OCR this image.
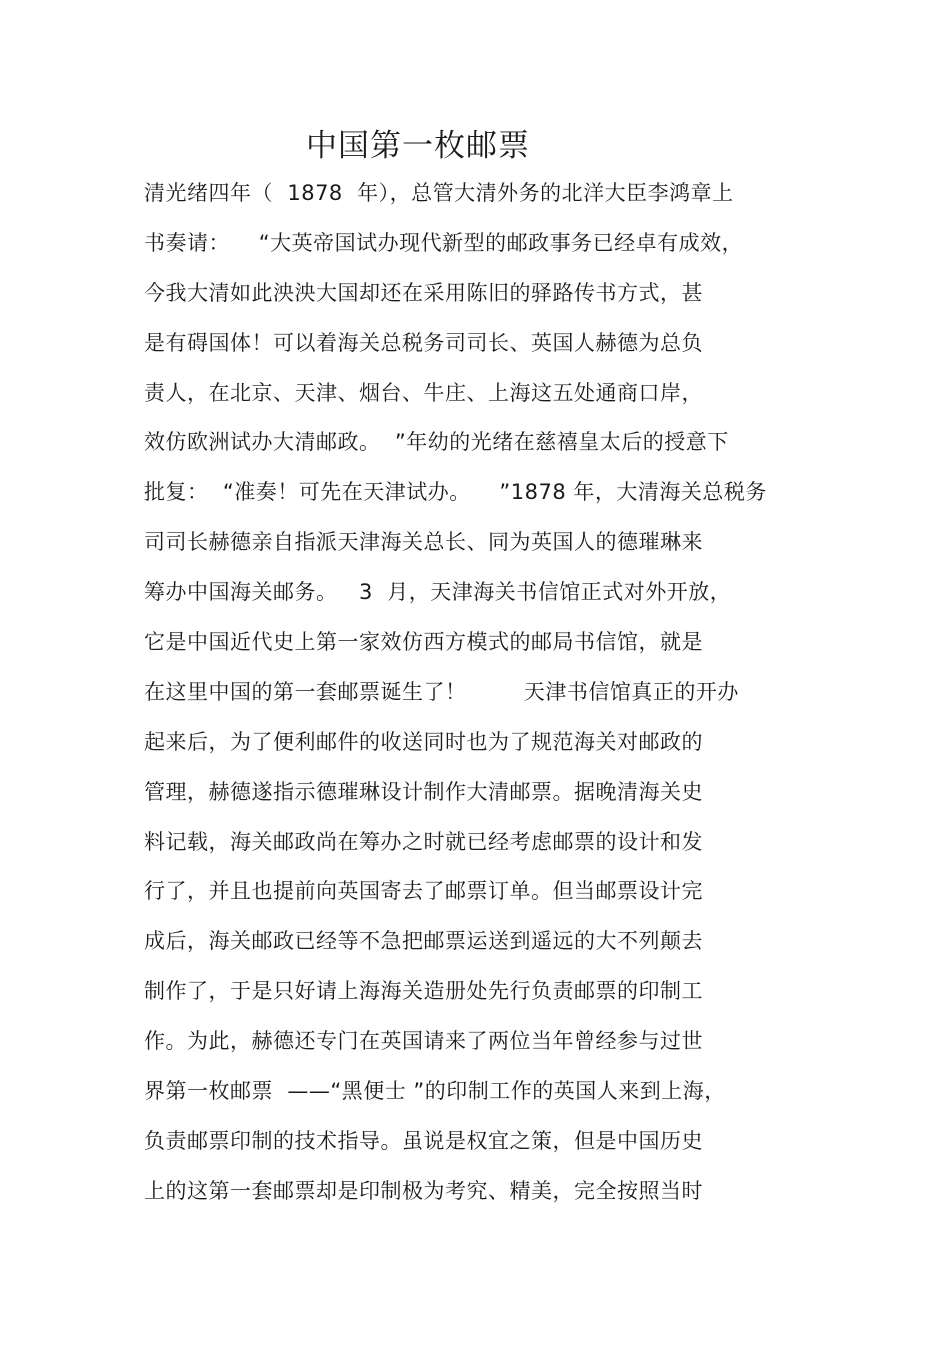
中国第一枚邮票
清光绪四年（  1878  年），总管大清外务的北洋大臣李鸿章上
书奏请：    “大英帝国试办现代新型的邮政事务已经卓有成效，
今我大清如此泱泱大国却还在采用陈旧的驿路传书方式，甚
是有碍国体！可以着海关总税务司司长、英国人赫德为总负
责人，在北京、天津、烟台、牛庄、上海这五处通商口岸，
效仿欧洲试办大清邮政。  ”年幼的光绪在慈禧皇太后的授意下
批复：  “准奏！可先在天津试办。    ”1878 年，大清海关总税务
司司长赫德亲自指派天津海关总长、同为英国人的德璀琳来
筹办中国海关邮务。   3  月，天津海关书信馆正式对外开放，
它是中国近代史上第一家效仿西方模式的邮局书信馆，就是
在这里中国的第一套邮票诞生了！        天津书信馆真正的开办
起来后，为了便利邮件的收送同时也为了规范海关对邮政的
管理，赫德遂指示德璀琳设计制作大清邮票。据晚清海关史
料记载，海关邮政尚在筹办之时就已经考虑邮票的设计和发
行了，并且也提前向英国寄去了邮票订单。但当邮票设计完
成后，海关邮政已经等不急把邮票运送到遥远的大不列颠去
制作了，于是只好请上海海关造册处先行负责邮票的印制工
作。为此，赫德还专门在英国请来了两位当年曾经参与过世
界第一枚邮票  ——“黑便士 ”的印制工作的英国人来到上海，
负责邮票印制的技术指导。虽说是权宜之策，但是中国历史
上的这第一套邮票却是印制极为考究、精美，完全按照当时
